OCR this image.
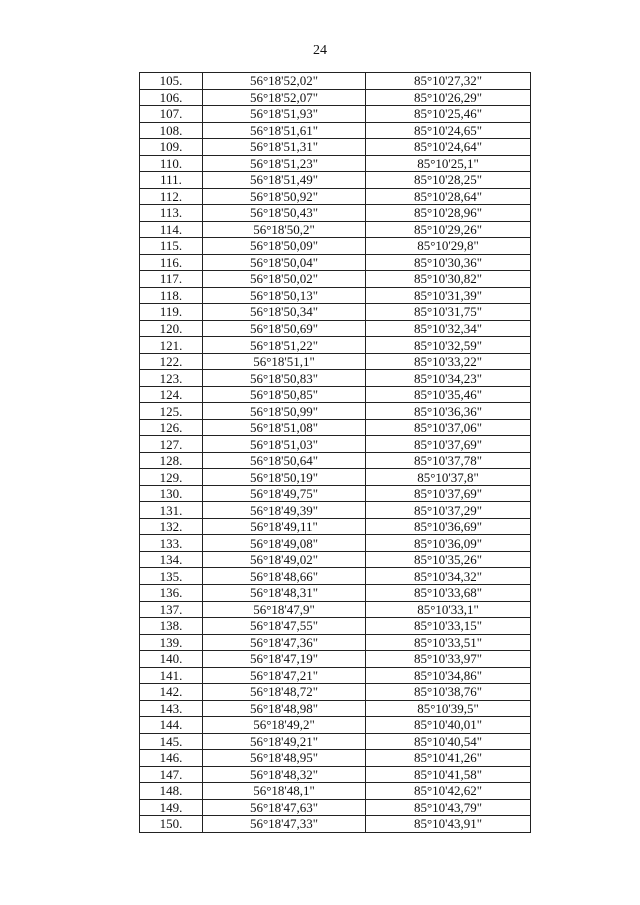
24
105.	56°18'52,02"	85°10'27,32"
106.	56°18'52,07"	85°10'26,29"
107.	56°18'51,93"	85°10'25,46"
108.	56°18'51,61"	85°10'24,65"
109.	56°18'51,31"	85°10'24,64"
110.	56°18'51,23"	85°10'25,1"
111.	56°18'51,49"	85°10'28,25"
112.	56°18'50,92"	85°10'28,64"
113.	56°18'50,43"	85°10'28,96"
114.	56°18'50,2"	85°10'29,26"
115.	56°18'50,09"	85°10'29,8"
116.	56°18'50,04"	85°10'30,36"
117.	56°18'50,02"	85°10'30,82"
118.	56°18'50,13"	85°10'31,39"
119.	56°18'50,34"	85°10'31,75"
120.	56°18'50,69"	85°10'32,34"
121.	56°18'51,22"	85°10'32,59"
122.	56°18'51,1"	85°10'33,22"
123.	56°18'50,83"	85°10'34,23"
124.	56°18'50,85"	85°10'35,46"
125.	56°18'50,99"	85°10'36,36"
126.	56°18'51,08"	85°10'37,06"
127.	56°18'51,03"	85°10'37,69"
128.	56°18'50,64"	85°10'37,78"
129.	56°18'50,19"	85°10'37,8"
130.	56°18'49,75"	85°10'37,69"
131.	56°18'49,39"	85°10'37,29"
132.	56°18'49,11"	85°10'36,69"
133.	56°18'49,08"	85°10'36,09"
134.	56°18'49,02"	85°10'35,26"
135.	56°18'48,66"	85°10'34,32"
136.	56°18'48,31"	85°10'33,68"
137.	56°18'47,9"	85°10'33,1"
138.	56°18'47,55"	85°10'33,15"
139.	56°18'47,36"	85°10'33,51"
140.	56°18'47,19"	85°10'33,97"
141.	56°18'47,21"	85°10'34,86"
142.	56°18'48,72"	85°10'38,76"
143.	56°18'48,98"	85°10'39,5"
144.	56°18'49,2"	85°10'40,01"
145.	56°18'49,21"	85°10'40,54"
146.	56°18'48,95"	85°10'41,26"
147.	56°18'48,32"	85°10'41,58"
148.	56°18'48,1"	85°10'42,62"
149.	56°18'47,63"	85°10'43,79"
150.	56°18'47,33"	85°10'43,91"
